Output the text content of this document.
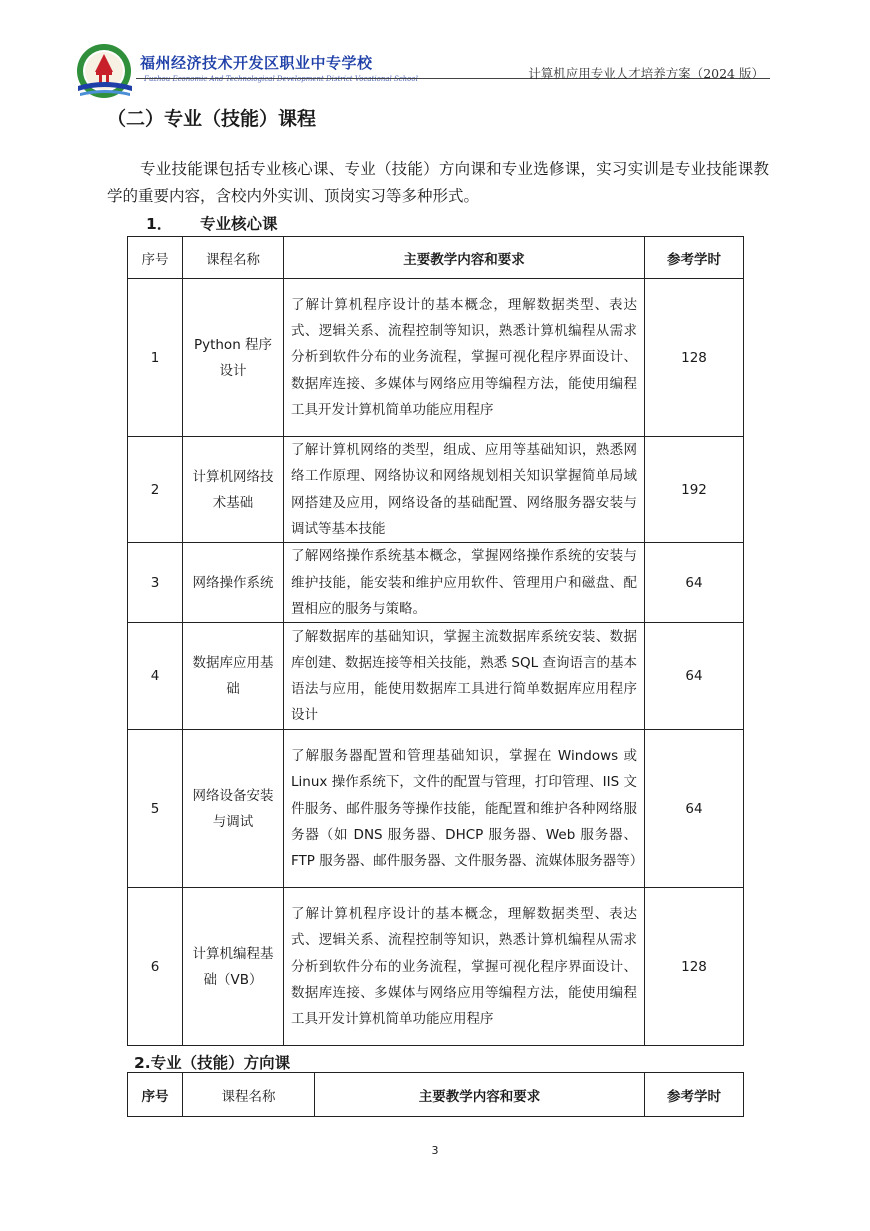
福州经济技术开发区职业中专学校
Fuzhou Economic And Technological Development District Vocational School	计算机应用专业人才培养方案（2024 版）
（二）专业（技能）课程
专业技能课包括专业核心课、专业（技能）方向课和专业选修课，实习实训是专业技能课教学的重要内容，含校内外实训、顶岗实习等多种形式。
1． 专业核心课
序号	课程名称	主要教学内容和要求	参考学时
1	Python 程序设计	了解计算机程序设计的基本概念，理解数据类型、表达式、逻辑关系、流程控制等知识，熟悉计算机编程从需求分析到软件分布的业务流程，掌握可视化程序界面设计、数据库连接、多媒体与网络应用等编程方法，能使用编程工具开发计算机简单功能应用程序	128
2	计算机网络技术基础	了解计算机网络的类型，组成、应用等基础知识，熟悉网络工作原理、网络协议和网络规划相关知识掌握简单局域网搭建及应用，网络设备的基础配置、网络服务器安装与调试等基本技能	192
3	网络操作系统	了解网络操作系统基本概念，掌握网络操作系统的安装与维护技能，能安装和维护应用软件、管理用户和磁盘、配置相应的服务与策略。	64
4	数据库应用基础	了解数据库的基础知识，掌握主流数据库系统安装、数据库创建、数据连接等相关技能，熟悉 SQL 查询语言的基本语法与应用，能使用数据库工具进行简单数据库应用程序设计	64
5	网络设备安装与调试	了解服务器配置和管理基础知识，掌握在 Windows 或 Linux 操作系统下，文件的配置与管理，打印管理、IIS 文件服务、邮件服务等操作技能，能配置和维护各种网络服务器（如 DNS 服务器、DHCP 服务器、Web 服务器、FTP 服务器、邮件服务器、文件服务器、流媒体服务器等）	64
6	计算机编程基础（VB）	了解计算机程序设计的基本概念，理解数据类型、表达式、逻辑关系、流程控制等知识，熟悉计算机编程从需求分析到软件分布的业务流程，掌握可视化程序界面设计、数据库连接、多媒体与网络应用等编程方法，能使用编程工具开发计算机简单功能应用程序	128
2.专业（技能）方向课
序号	课程名称	主要教学内容和要求	参考学时
3
